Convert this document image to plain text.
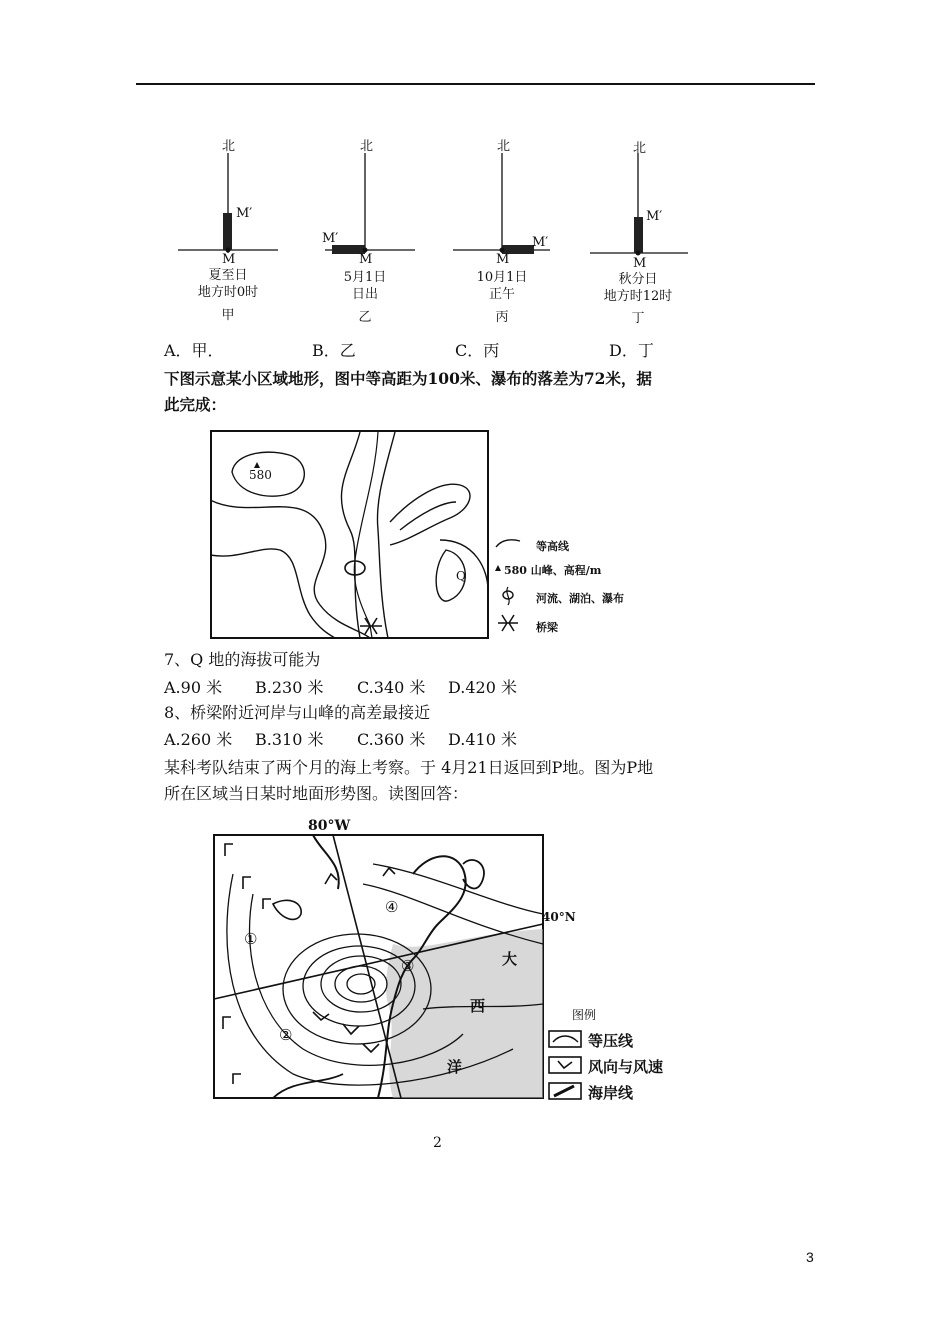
北
M′
M
夏至日
地方时0时
甲
北
M′
M
5月1日
日出
乙
北
M′
M
10月1日
正午
丙
北
M′
M
秋分日
地方时12时
丁
A．甲．	B．乙	C．丙	D．丁
下图示意某小区域地形，图中等高距为100米、瀑布的落差为72米，据
此完成：
580
Q
等高线
580 山峰、高程/m
河流、湖泊、瀑布
桥梁
7、Q 地的海拔可能为
A.90 米 B.230 米 C.340 米 D.420 米
8、桥梁附近河岸与山峰的高差最接近
A.260 米 B.310 米 C.360 米 D.410 米
某科考队结束了两个月的海上考察。于 4月21日返回到P地。图为P地
所在区域当日某时地面形势图。读图回答：
80°W
40°N
①
②
③
④
大
西
洋
图例
等压线
风向与风速
海岸线
2
3
